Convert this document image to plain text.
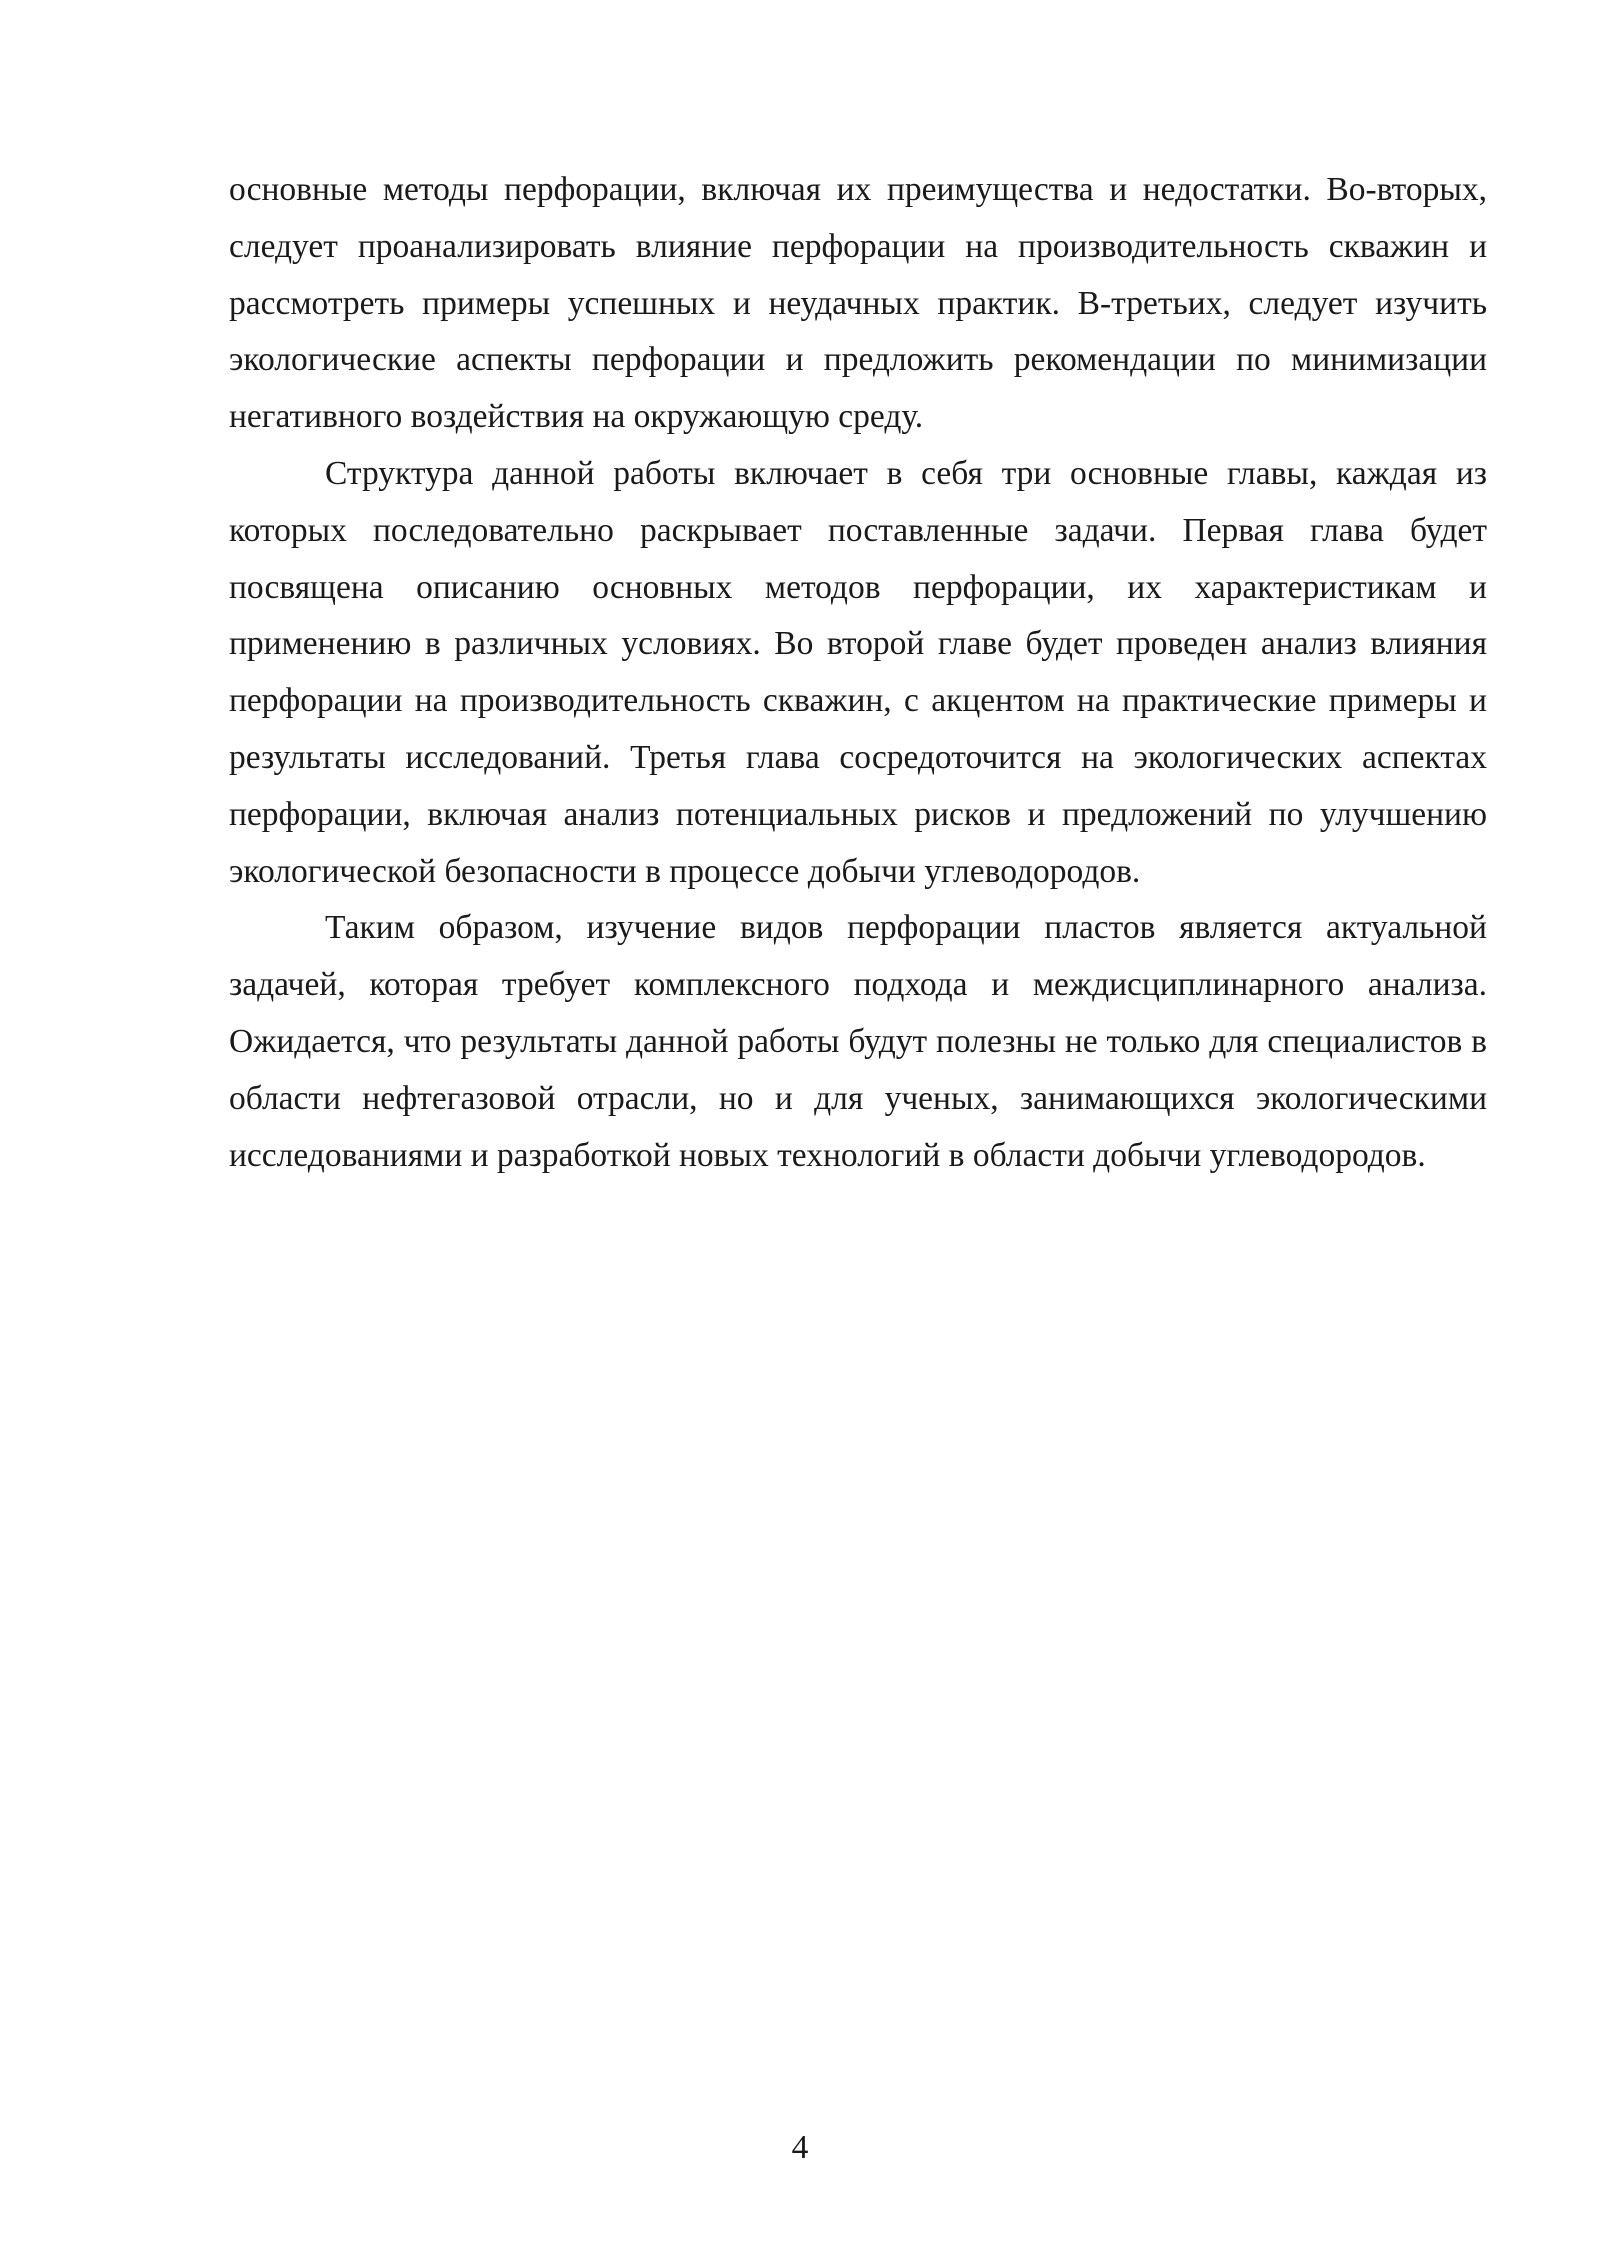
основные методы перфорации, включая их преимущества и недостатки. Во-вторых, следует проанализировать влияние перфорации на производительность скважин и рассмотреть примеры успешных и неудачных практик. В-третьих, следует изучить экологические аспекты перфорации и предложить рекомендации по минимизации негативного воздействия на окружающую среду.

Структура данной работы включает в себя три основные главы, каждая из которых последовательно раскрывает поставленные задачи. Первая глава будет посвящена описанию основных методов перфорации, их характеристикам и применению в различных условиях. Во второй главе будет проведен анализ влияния перфорации на производительность скважин, с акцентом на практические примеры и результаты исследований. Третья глава сосредоточится на экологических аспектах перфорации, включая анализ потенциальных рисков и предложений по улучшению экологической безопасности в процессе добычи углеводородов.

Таким образом, изучение видов перфорации пластов является актуальной задачей, которая требует комплексного подхода и междисциплинарного анализа. Ожидается, что результаты данной работы будут полезны не только для специалистов в области нефтегазовой отрасли, но и для ученых, занимающихся экологическими исследованиями и разработкой новых технологий в области добычи углеводородов.

4
